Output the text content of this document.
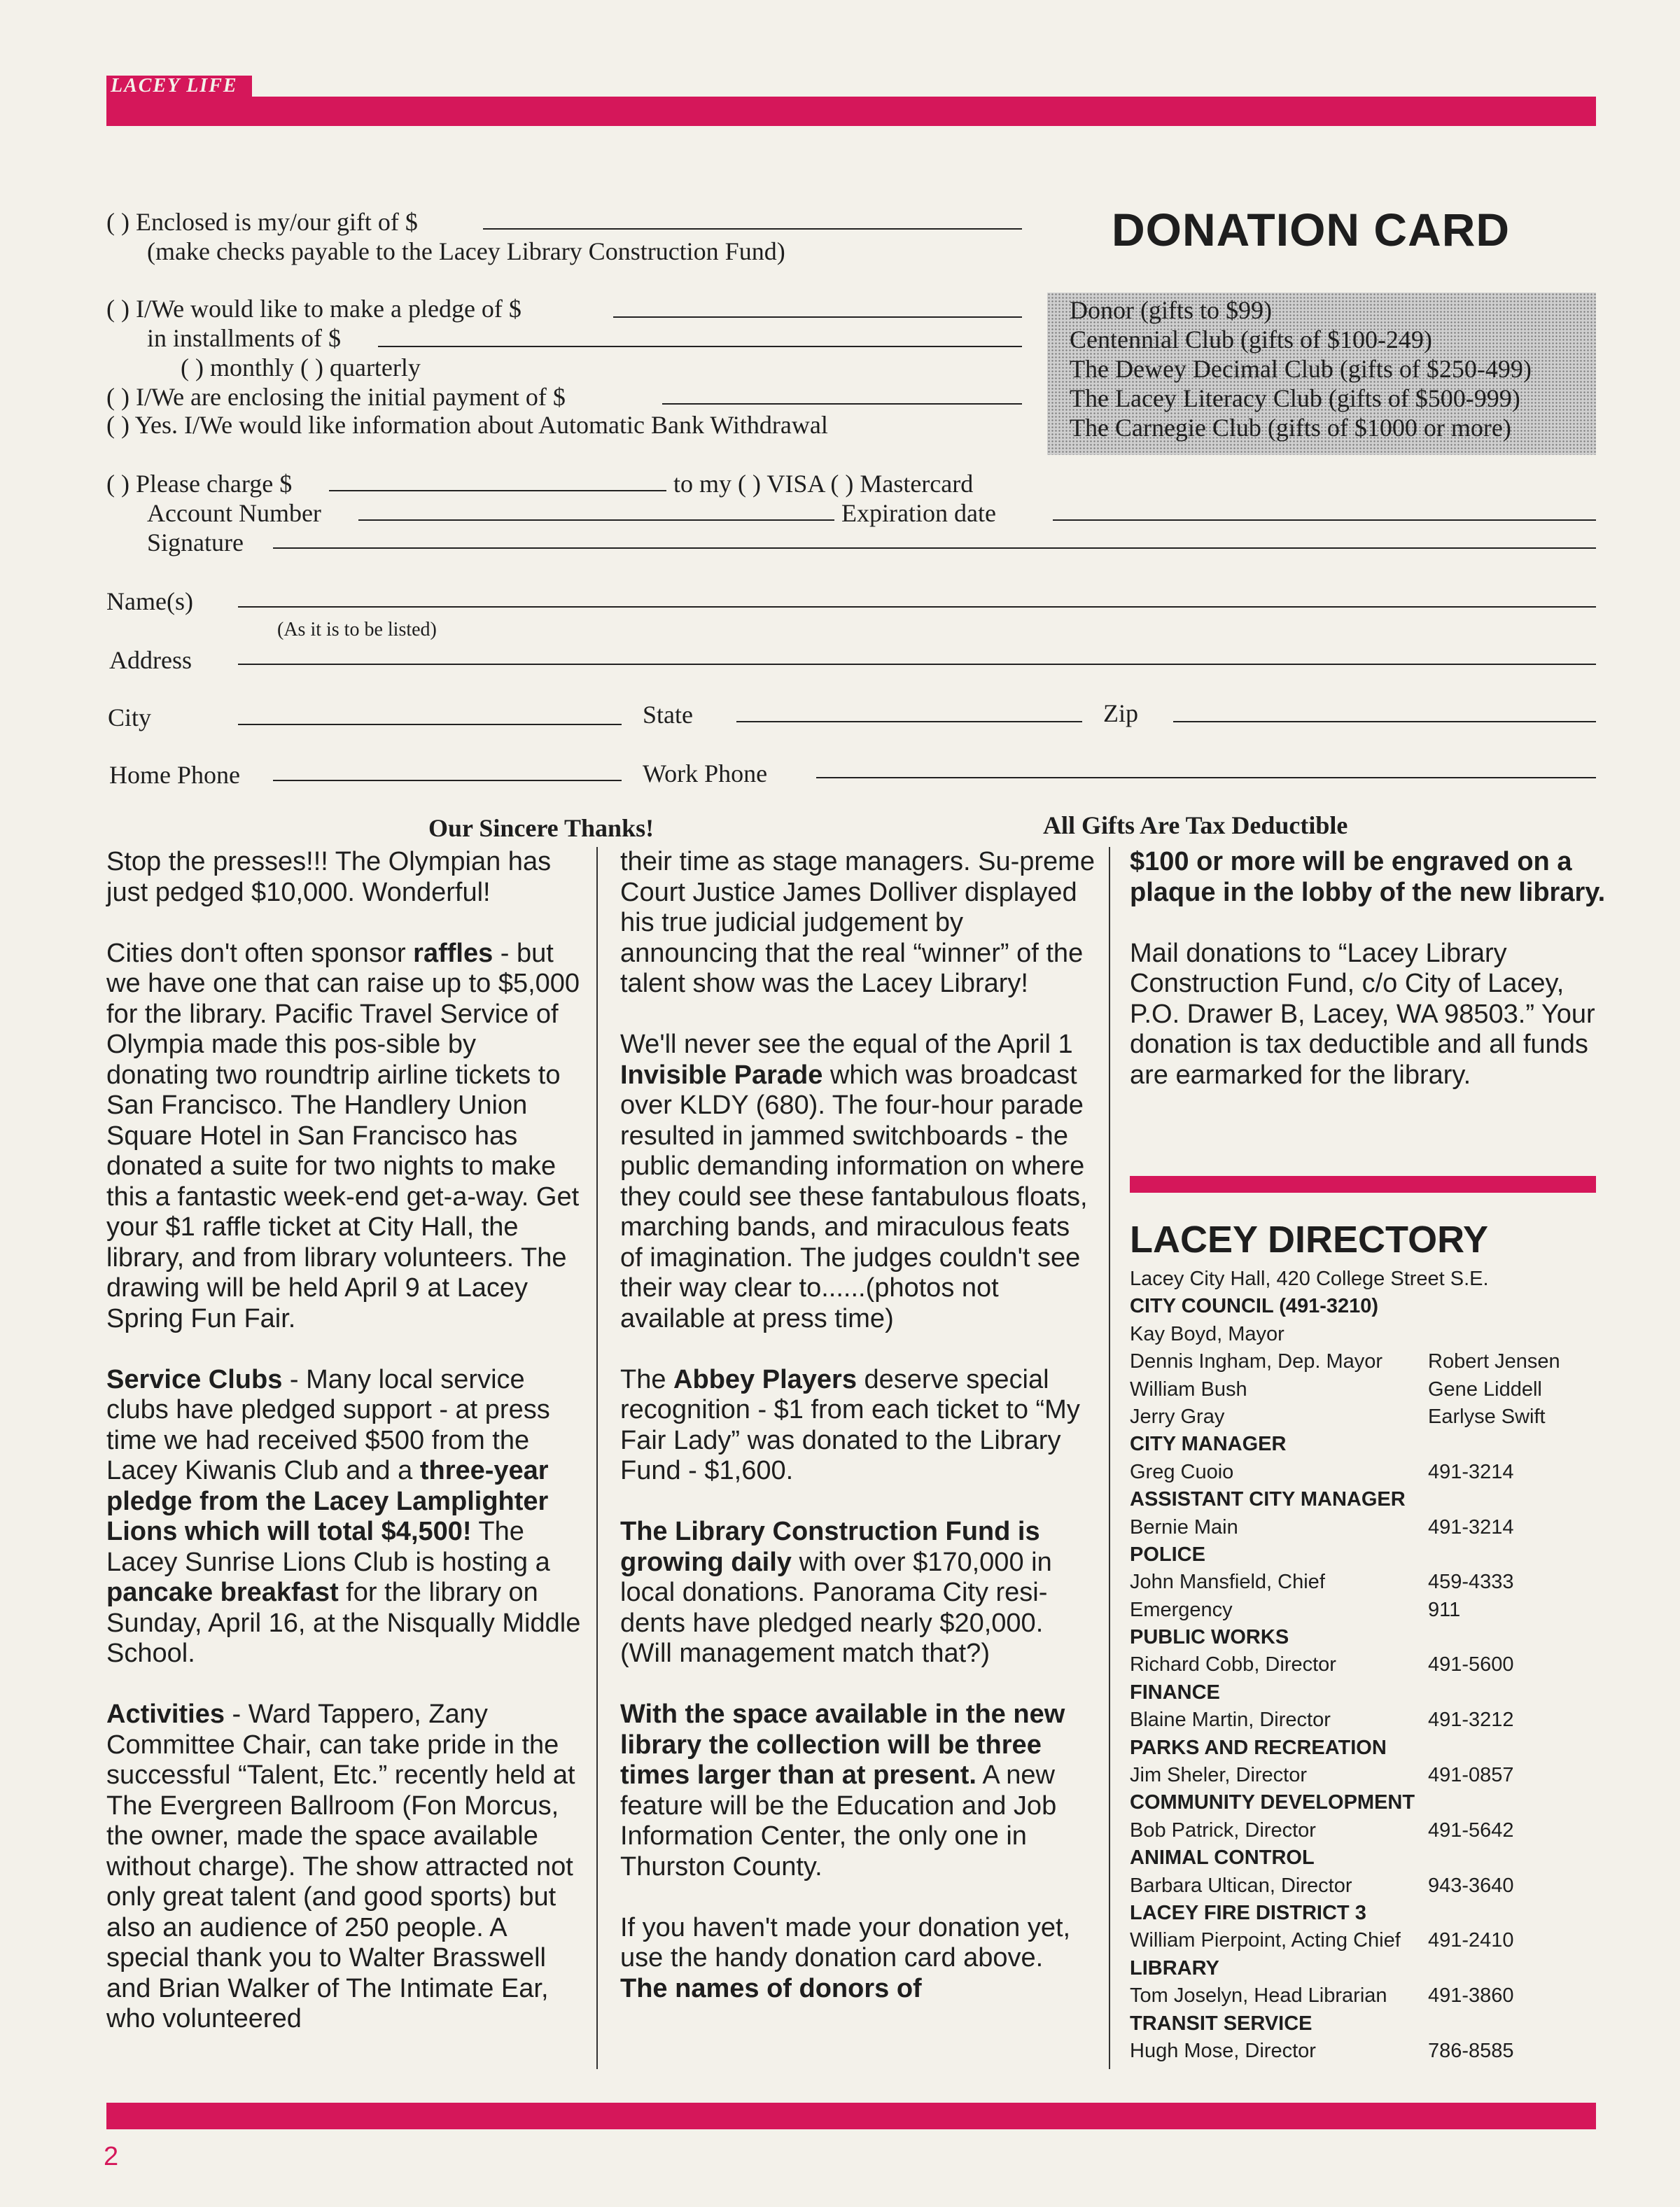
LACEY LIFE
( ) Enclosed is my/our gift of $
(make checks payable to the Lacey Library Construction Fund)
( ) I/We would like to make a pledge of $
in installments of $
( ) monthly ( ) quarterly
( ) I/We are enclosing the initial payment of $
( ) Yes. I/We would like information about Automatic Bank Withdrawal
( ) Please charge $	to my ( ) VISA ( ) Mastercard
Account Number	Expiration date
Signature
Name(s)
(As it is to be listed)
Address
City	State	Zip
Home Phone	Work Phone
DONATION CARD
Donor (gifts to $99)
Centennial Club (gifts of $100-249)
The Dewey Decimal Club (gifts of $250-499)
The Lacey Literacy Club (gifts of $500-999)
The Carnegie Club (gifts of $1000 or more)
Our Sincere Thanks!	All Gifts Are Tax Deductible

Stop the presses!!! The Olympian has just pedged $10,000. Wonderful!

Cities don't often sponsor raffles - but we have one that can raise up to $5,000 for the library. Pacific Travel Service of Olympia made this pos-sible by donating two roundtrip airline tickets to San Francisco. The Handlery Union Square Hotel in San Francisco has donated a suite for two nights to make this a fantastic week-end get-a-way. Get your $1 raffle ticket at City Hall, the library, and from library volunteers. The drawing will be held April 9 at Lacey Spring Fun Fair.

Service Clubs - Many local service clubs have pledged support - at press time we had received $500 from the Lacey Kiwanis Club and a three-year pledge from the Lacey Lamplighter Lions which will total $4,500! The Lacey Sunrise Lions Club is hosting a pancake breakfast for the library on Sunday, April 16, at the Nisqually Middle School.

Activities - Ward Tappero, Zany Committee Chair, can take pride in the successful “Talent, Etc.” recently held at The Evergreen Ballroom (Fon Morcus, the owner, made the space available without charge). The show attracted not only great talent (and good sports) but also an audience of 250 people. A special thank you to Walter Brasswell and Brian Walker of The Intimate Ear, who volunteered

their time as stage managers. Su-preme Court Justice James Dolliver displayed his true judicial judgement by announcing that the real “winner” of the talent show was the Lacey Library!

We'll never see the equal of the April 1 Invisible Parade which was broadcast over KLDY (680). The four-hour parade resulted in jammed switchboards - the public demanding information on where they could see these fantabulous floats, marching bands, and miraculous feats of imagination. The judges couldn't see their way clear to......(photos not available at press time)

The Abbey Players deserve special recognition - $1 from each ticket to “My Fair Lady” was donated to the Library Fund - $1,600.

The Library Construction Fund is growing daily with over $170,000 in local donations. Panorama City resi-dents have pledged nearly $20,000. (Will management match that?)

With the space available in the new library the collection will be three times larger than at present. A new feature will be the Education and Job Information Center, the only one in Thurston County.

If you haven't made your donation yet, use the handy donation card above. The names of donors of

$100 or more will be engraved on a plaque in the lobby of the new library.

Mail donations to “Lacey Library Construction Fund, c/o City of Lacey, P.O. Drawer B, Lacey, WA 98503.” Your donation is tax deductible and all funds are earmarked for the library.

LACEY DIRECTORY
Lacey City Hall, 420 College Street S.E.
CITY COUNCIL (491-3210)
Kay Boyd, Mayor
Dennis Ingham, Dep. Mayor	Robert Jensen
William Bush	Gene Liddell
Jerry Gray	Earlyse Swift
CITY MANAGER
Greg Cuoio	491-3214
ASSISTANT CITY MANAGER
Bernie Main	491-3214
POLICE
John Mansfield, Chief	459-4333
Emergency	911
PUBLIC WORKS
Richard Cobb, Director	491-5600
FINANCE
Blaine Martin, Director	491-3212
PARKS AND RECREATION
Jim Sheler, Director	491-0857
COMMUNITY DEVELOPMENT
Bob Patrick, Director	491-5642
ANIMAL CONTROL
Barbara Ultican, Director	943-3640
LACEY FIRE DISTRICT 3
William Pierpoint, Acting Chief	491-2410
LIBRARY
Tom Joselyn, Head Librarian	491-3860
TRANSIT SERVICE
Hugh Mose, Director	786-8585
2
